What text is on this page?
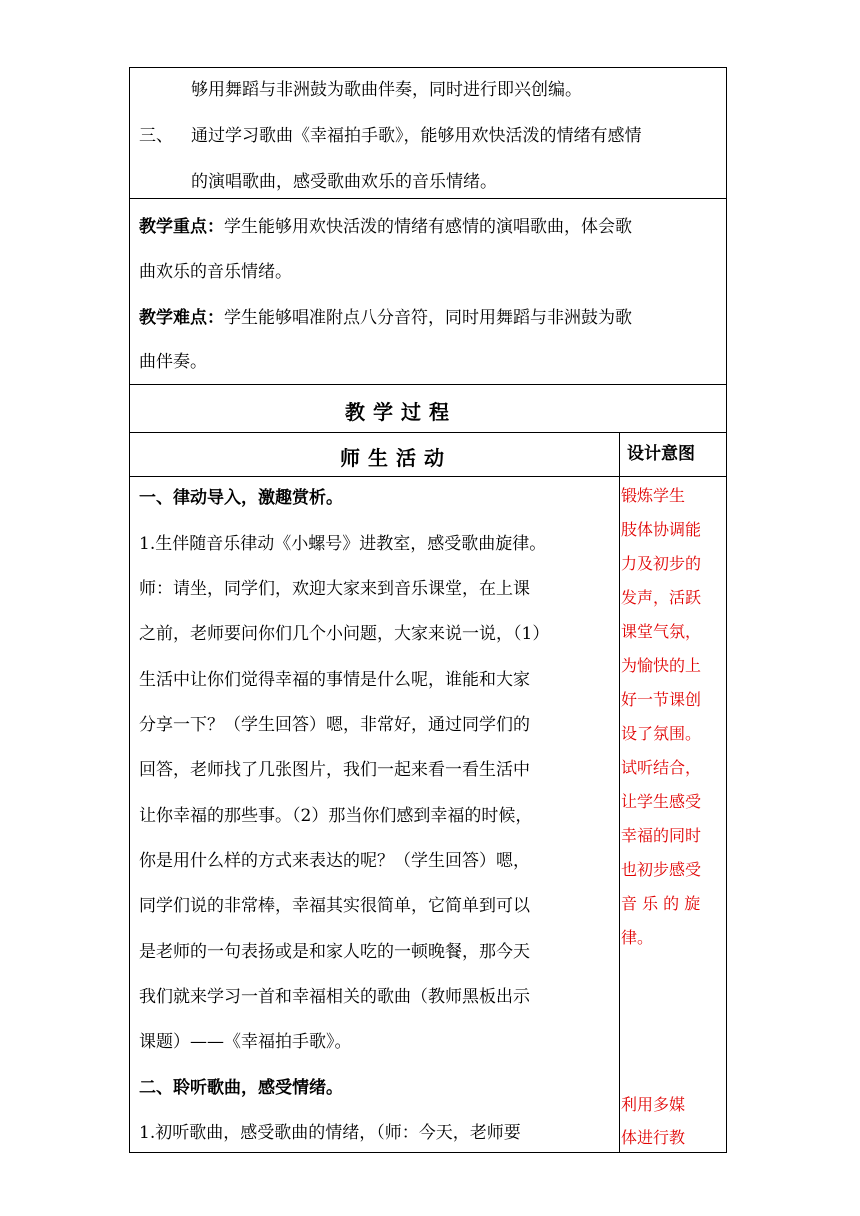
够用舞蹈与非洲鼓为歌曲伴奏，同时进行即兴创编。
三、 通过学习歌曲《幸福拍手歌》，能够用欢快活泼的情绪有感情
的演唱歌曲，感受歌曲欢乐的音乐情绪。
教学重点：学生能够用欢快活泼的情绪有感情的演唱歌曲，体会歌
曲欢乐的音乐情绪。
教学难点：学生能够唱准附点八分音符，同时用舞蹈与非洲鼓为歌
曲伴奏。
教学过程
师生活动	设计意图
一、律动导入，激趣赏析。
1.生伴随音乐律动《小螺号》进教室，感受歌曲旋律。
师：请坐，同学们，欢迎大家来到音乐课堂，在上课
之前，老师要问你们几个小问题，大家来说一说，（1）
生活中让你们觉得幸福的事情是什么呢，谁能和大家
分享一下？（学生回答）嗯，非常好，通过同学们的
回答，老师找了几张图片，我们一起来看一看生活中
让你幸福的那些事。（2）那当你们感到幸福的时候，
你是用什么样的方式来表达的呢？（学生回答）嗯，
同学们说的非常棒，幸福其实很简单，它简单到可以
是老师的一句表扬或是和家人吃的一顿晚餐，那今天
我们就来学习一首和幸福相关的歌曲（教师黑板出示
课题）——《幸福拍手歌》。
二、聆听歌曲，感受情绪。
1.初听歌曲，感受歌曲的情绪，（师：今天，老师要
锻炼学生
肢体协调能
力及初步的
发声，活跃
课堂气氛，
为愉快的上
好一节课创
设了氛围。
试听结合，
让学生感受
幸福的同时
也初步感受
音 乐 的 旋
律。
利用多媒
体进行教
